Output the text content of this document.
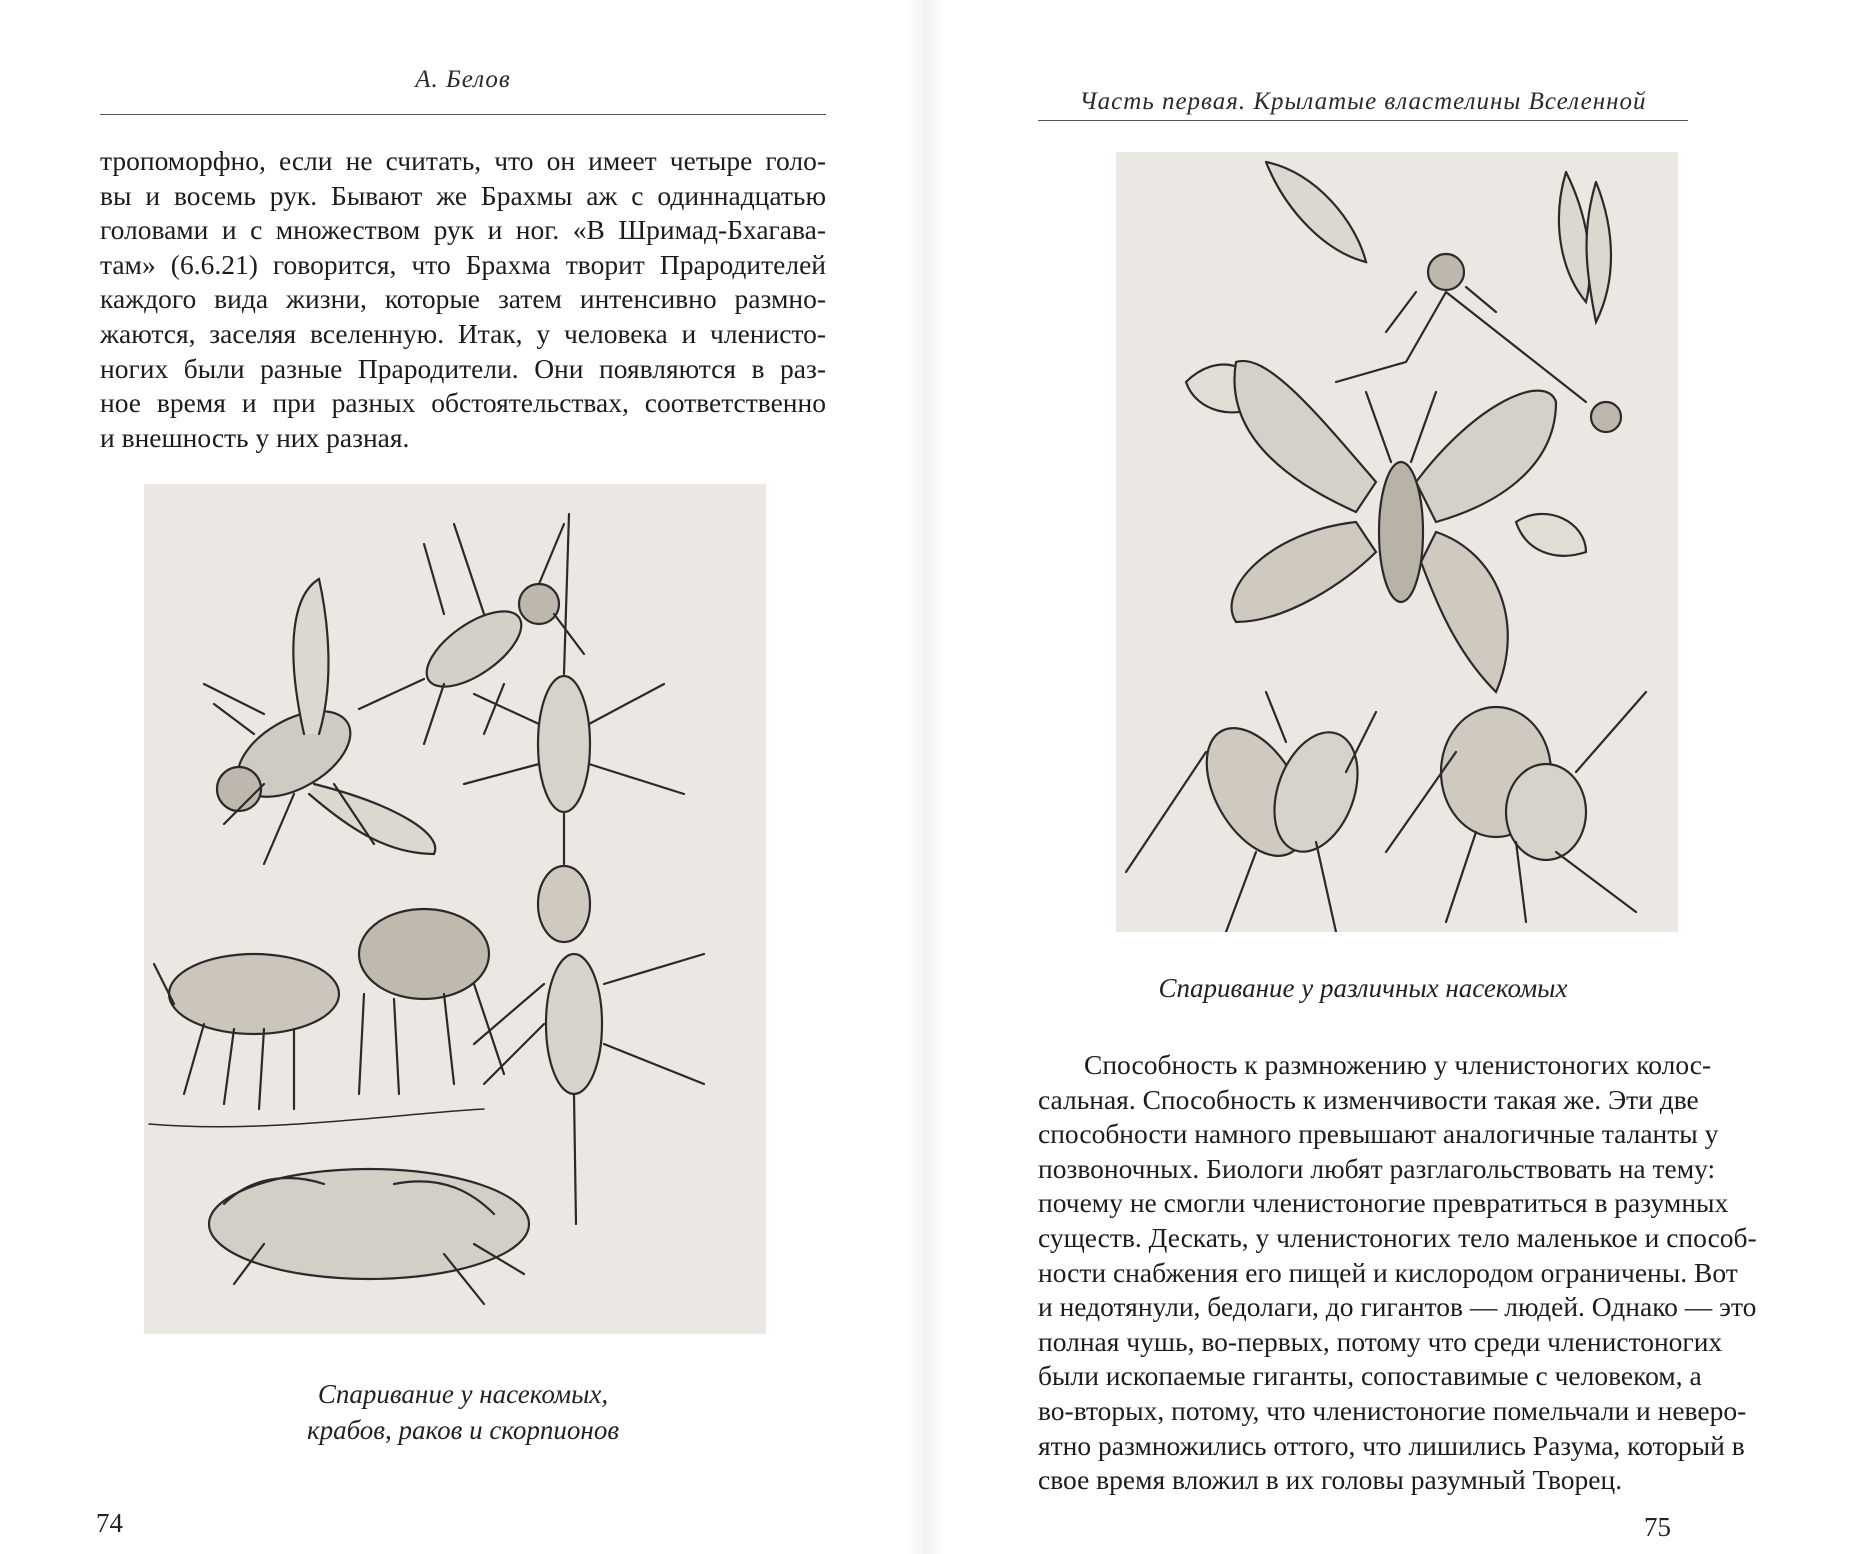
А. Белов
тропоморфно, если не считать, что он имеет четыре голо-
вы и восемь рук. Бывают же Брахмы аж с одиннадцатью
головами и с множеством рук и ног. «В Шримад-Бхагава-
там» (6.6.21) говорится, что Брахма творит Прародителей
каждого вида жизни, которые затем интенсивно размно-
жаются, заселяя вселенную. Итак, у человека и членисто-
ногих были разные Прародители. Они появляются в раз-
ное время и при разных обстоятельствах, соответственно
и внешность у них разная.
Спаривание у насекомых,
крабов, раков и скорпионов
74
Часть первая. Крылатые властелины Вселенной
Спаривание у различных насекомых
Способность к размножению у членистоногих колос-
сальная. Способность к изменчивости такая же. Эти две
способности намного превышают аналогичные таланты у
позвоночных. Биологи любят разглагольствовать на тему:
почему не смогли членистоногие превратиться в разумных
существ. Дескать, у членистоногих тело маленькое и способ-
ности снабжения его пищей и кислородом ограничены. Вот
и недотянули, бедолаги, до гигантов — людей. Однако — это
полная чушь, во-первых, потому что среди членистоногих
были ископаемые гиганты, сопоставимые с человеком, а
во-вторых, потому, что членистоногие помельчали и неверо-
ятно размножились оттого, что лишились Разума, который в
свое время вложил в их головы разумный Творец.
75
